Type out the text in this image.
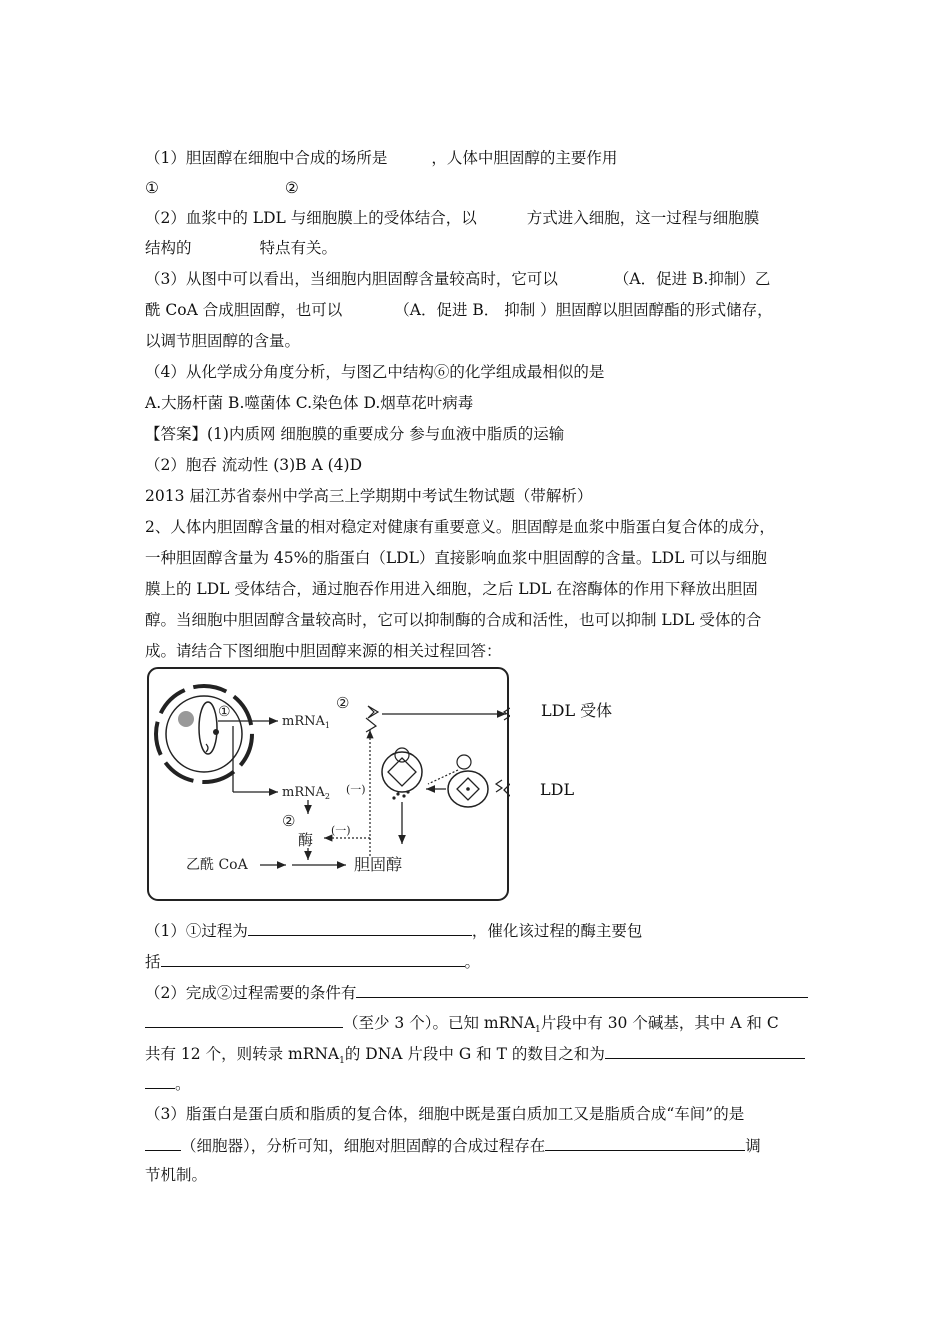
（1）胆固醇在细胞中合成的场所是	，人体中胆固醇的主要作用
①	②
（2）血浆中的 LDL 与细胞膜上的受体结合，以	方式进入细胞，这一过程与细胞膜
结构的	特点有关。
（3）从图中可以看出，当细胞内胆固醇含量较高时，它可以	（A．促进 B.抑制）乙
酰 CoA 合成胆固醇，也可以	（A．促进 B． 抑制 ）胆固醇以胆固醇酯的形式储存，
以调节胆固醇的含量。
（4）从化学成分角度分析，与图乙中结构⑥的化学组成最相似的是
A.大肠杆菌 B.噬菌体 C.染色体 D.烟草花叶病毒
【答案】(1)内质网 细胞膜的重要成分 参与血液中脂质的运输
（2）胞吞 流动性 (3)B A (4)D
2013 届江苏省泰州中学高三上学期期中考试生物试题（带解析）
2、人体内胆固醇含量的相对稳定对健康有重要意义。胆固醇是血浆中脂蛋白复合体的成分，
一种胆固醇含量为 45%的脂蛋白（LDL）直接影响血浆中胆固醇的含量。LDL 可以与细胞
膜上的 LDL 受体结合，通过胞吞作用进入细胞，之后 LDL 在溶酶体的作用下释放出胆固
醇。当细胞中胆固醇含量较高时，它可以抑制酶的合成和活性，也可以抑制 LDL 受体的合
成。请结合下图细胞中胆固醇来源的相关过程回答：
①
mRNA$_1$
②
mRNA$_2$
(一)
②
酶
(一)
乙酰 CoA	胆固醇
LDL 受体
LDL
（1）①过程为	，催化该过程的酶主要包
括	。
（2）完成②过程需要的条件有
（至少 3 个）。已知 mRNA$_1$片段中有 30 个碱基，其中 A 和 C
共有 12 个，则转录 mRNA$_1$的 DNA 片段中 G 和 T 的数目之和为
。
（3）脂蛋白是蛋白质和脂质的复合体，细胞中既是蛋白质加工又是脂质合成“车间”的是
（细胞器），分析可知，细胞对胆固醇的合成过程存在	调
节机制。
